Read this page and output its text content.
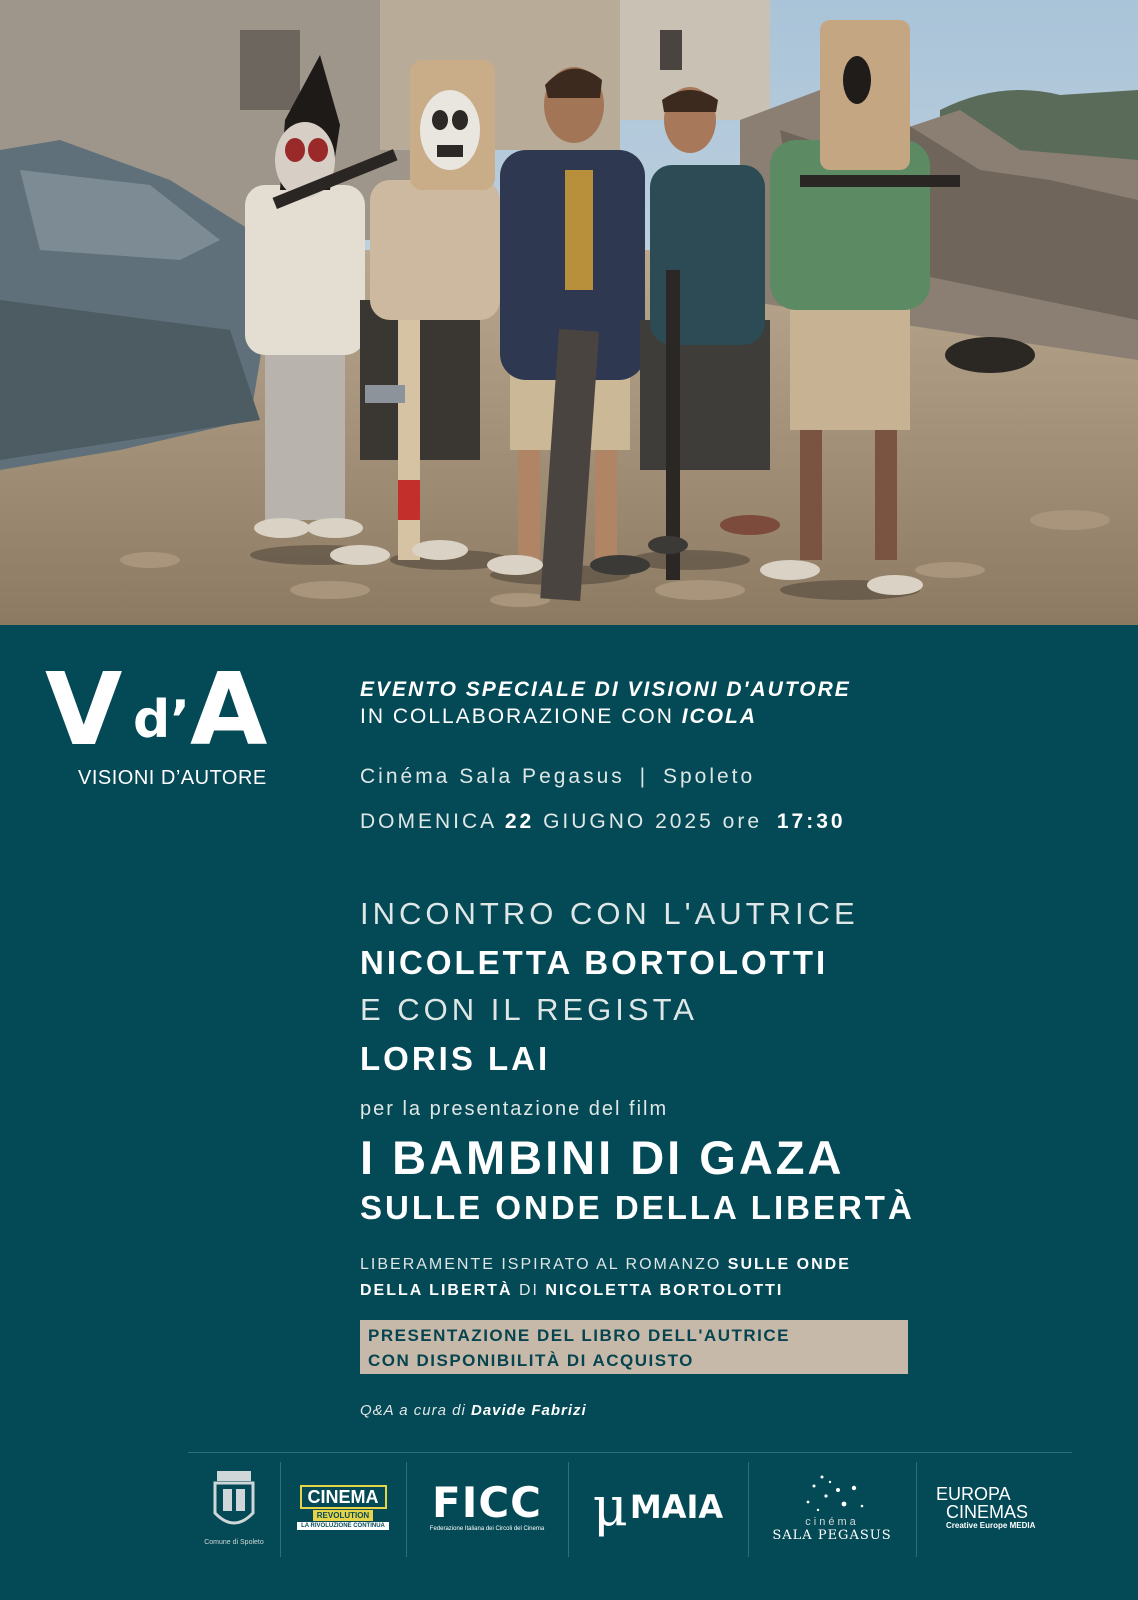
V d’ A
VISIONI D’AUTORE
EVENTO SPECIALE DI VISIONI D'AUTORE
IN COLLABORAZIONE CON ICOLA
Cinéma Sala Pegasus | Spoleto
DOMENICA 22 GIUGNO 2025 ore 17:30
INCONTRO CON L'AUTRICE
NICOLETTA BORTOLOTTI
E CON IL REGISTA
LORIS LAI
per la presentazione del film
I BAMBINI DI GAZA
SULLE ONDE DELLA LIBERTÀ
LIBERAMENTE ISPIRATO AL ROMANZO SULLE ONDE
DELLA LIBERTÀ DI NICOLETTA BORTOLOTTI
PRESENTAZIONE DEL LIBRO DELL'AUTRICE
CON DISPONIBILITÀ DI ACQUISTO
Q&A a cura di Davide Fabrizi
Comune di Spoleto
CINEMA
REVOLUTION
LA RIVOLUZIONE CONTINUA FICC
Federazione Italiana dei Circoli del Cinema μ MAIA	cinéma
SALA PEGASUS
EUROPA
CINEMAS
Creative Europe MEDIA
